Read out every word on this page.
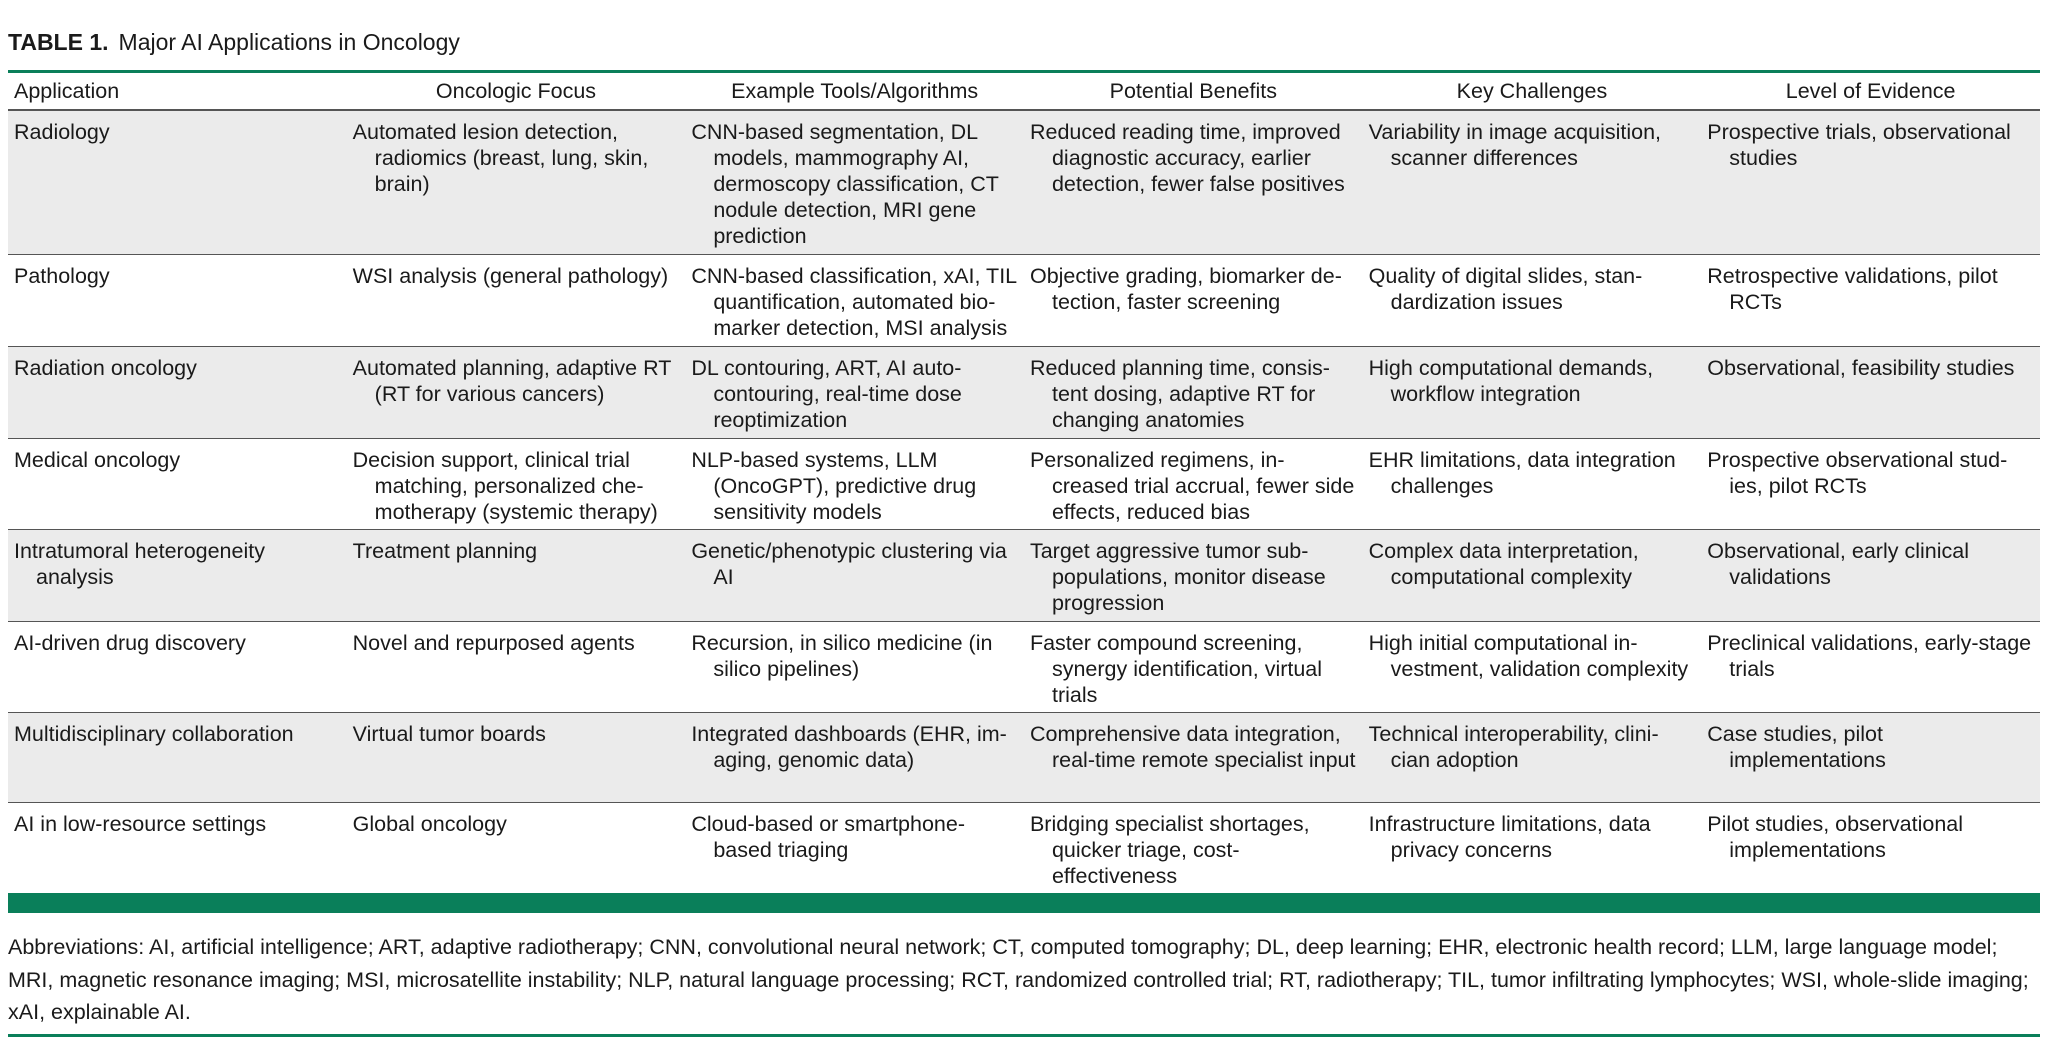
TABLE 1. Major AI Applications in Oncology
Application	Oncologic Focus	Example Tools/Algorithms	Potential Benefits	Key Challenges	Level of Evidence

Radiology	Automated lesion detection, radiomics (breast, lung, skin, brain)	CNN-based segmentation, DL models, mammography AI, dermoscopy classification, CT nodule detection, MRI gene prediction	Reduced reading time, improved diagnostic accuracy, earlier detection, fewer false positives	Variability in image acquisition, scanner differences	Prospective trials, observational studies

Pathology	WSI analysis (general pathology)	CNN-based classification, xAI, TIL quantification, automated bio-marker detection, MSI analysis	Objective grading, biomarker de-tection, faster screening	Quality of digital slides, stan-dardization issues	Retrospective validations, pilot RCTs

Radiation oncology	Automated planning, adaptive RT (RT for various cancers)	DL contouring, ART, AI auto-contouring, real-time dose reoptimization	Reduced planning time, consis-tent dosing, adaptive RT for changing anatomies	High computational demands, workflow integration	Observational, feasibility studies

Medical oncology	Decision support, clinical trial matching, personalized che-motherapy (systemic therapy)	NLP-based systems, LLM (OncoGPT), predictive drug sensitivity models	Personalized regimens, in-creased trial accrual, fewer side effects, reduced bias	EHR limitations, data integration challenges	Prospective observational stud-ies, pilot RCTs

Intratumoral heterogeneity analysis	Treatment planning	Genetic/phenotypic clustering via AI	Target aggressive tumor sub-populations, monitor disease progression	Complex data interpretation, computational complexity	Observational, early clinical validations

AI-driven drug discovery	Novel and repurposed agents	Recursion, in silico medicine (in silico pipelines)	Faster compound screening, synergy identification, virtual trials	High initial computational in-vestment, validation complexity	Preclinical validations, early-stage trials

Multidisciplinary collaboration	Virtual tumor boards	Integrated dashboards (EHR, im-aging, genomic data)	Comprehensive data integration, real-time remote specialist input	Technical interoperability, clini-cian adoption	Case studies, pilot implementations

AI in low-resource settings	Global oncology	Cloud-based or smartphone-based triaging	Bridging specialist shortages, quicker triage, cost-effectiveness	Infrastructure limitations, data privacy concerns	Pilot studies, observational implementations
Abbreviations: AI, artificial intelligence; ART, adaptive radiotherapy; CNN, convolutional neural network; CT, computed tomography; DL, deep learning; EHR, electronic health record; LLM, large language model; MRI, magnetic resonance imaging; MSI, microsatellite instability; NLP, natural language processing; RCT, randomized controlled trial; RT, radiotherapy; TIL, tumor infiltrating lymphocytes; WSI, whole-slide imaging; xAI, explainable AI.
